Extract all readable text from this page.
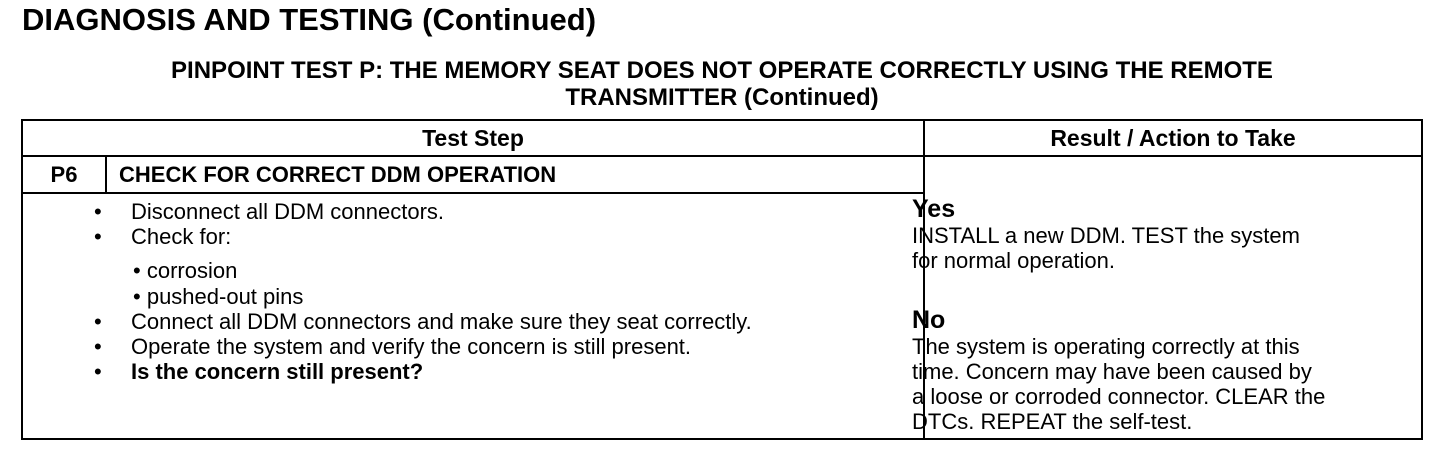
DIAGNOSIS AND TESTING (Continued)
PINPOINT TEST P: THE MEMORY SEAT DOES NOT OPERATE CORRECTLY USING THE REMOTE
TRANSMITTER (Continued)
Test Step	Result / Action to Take
P6	CHECK FOR CORRECT DDM OPERATION
• Disconnect all DDM connectors.
• Check for:
• corrosion
• pushed-out pins
• Connect all DDM connectors and make sure they seat correctly.
• Operate the system and verify the concern is still present.
• Is the concern still present?
Yes
INSTALL a new DDM. TEST the system
for normal operation.
No
The system is operating correctly at this
time. Concern may have been caused by
a loose or corroded connector. CLEAR the
DTCs. REPEAT the self-test.
